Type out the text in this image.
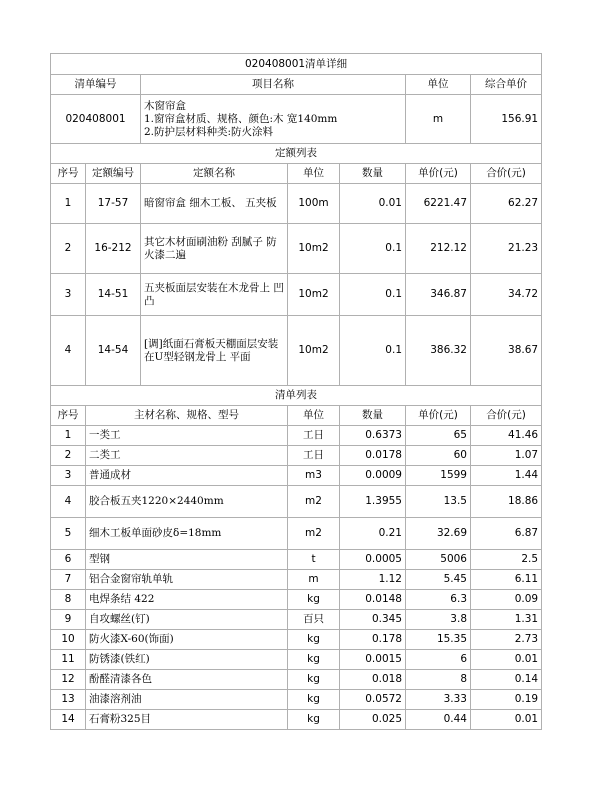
020408001清单详细						
清单编号		项目名称			单位	综合单价
020408001		木窗帘盒
1.窗帘盒材质、规格、颜色:木 宽140mm
2.防护层材料种类:防火涂料			m	156.91
定额列表						
序号	定额编号	定额名称	单位	数量	单价(元)	合价(元)
1	17-57	暗窗帘盒 细木工板、 五夹板	100m	0.01	6221.47	62.27
2	16-212	其它木材面刷油粉 刮腻子 防火漆二遍	10m2	0.1	212.12	21.23
3	14-51	五夹板面层安装在木龙骨上 凹凸	10m2	0.1	346.87	34.72
4	14-54	[调]纸面石膏板天棚面层安装在U型轻钢龙骨上 平面	10m2	0.1	386.32	38.67
清单列表						
序号	主材名称、规格、型号		单位	数量	单价(元)	合价(元)
1	一类工		工日	0.6373	65	41.46
2	二类工		工日	0.0178	60	1.07
3	普通成材		m3	0.0009	1599	1.44
4	胶合板五夹1220×2440mm		m2	1.3955	13.5	18.86
5	细木工板单面砂皮δ=18mm		m2	0.21	32.69	6.87
6	型钢		t	0.0005	5006	2.5
7	铝合金窗帘轨单轨		m	1.12	5.45	6.11
8	电焊条结 422		kg	0.0148	6.3	0.09
9	自攻螺丝(钉)		百只	0.345	3.8	1.31
10	防火漆X-60(饰面)		kg	0.178	15.35	2.73
11	防锈漆(铁红)		kg	0.0015	6	0.01
12	酚醛清漆各色		kg	0.018	8	0.14
13	油漆溶剂油		kg	0.0572	3.33	0.19
14	石膏粉325目		kg	0.025	0.44	0.01
